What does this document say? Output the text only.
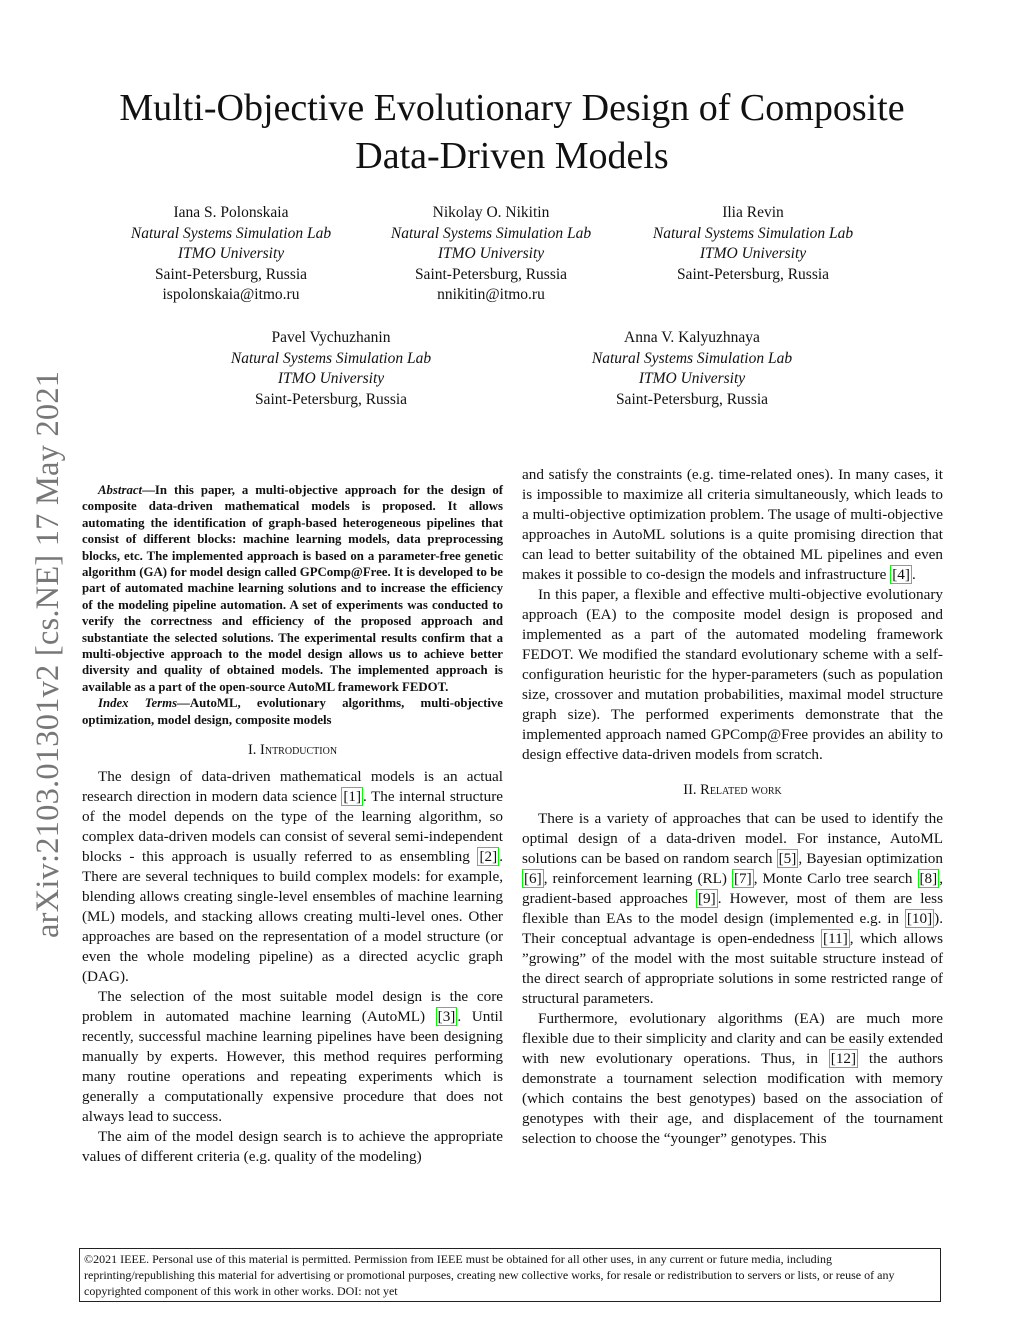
Multi-Objective Evolutionary Design of Composite
Data-Driven Models
Iana S. Polonskaia
Natural Systems Simulation Lab
ITMO University
Saint-Petersburg, Russia
ispolonskaia@itmo.ru
Nikolay O. Nikitin
Natural Systems Simulation Lab
ITMO University
Saint-Petersburg, Russia
nnikitin@itmo.ru
Ilia Revin
Natural Systems Simulation Lab
ITMO University
Saint-Petersburg, Russia
Pavel Vychuzhanin
Natural Systems Simulation Lab
ITMO University
Saint-Petersburg, Russia
Anna V. Kalyuzhnaya
Natural Systems Simulation Lab
ITMO University
Saint-Petersburg, Russia
arXiv:2103.01301v2 [cs.NE] 17 May 2021	Abstract—In this paper, a multi-objective approach for the design of composite data-driven mathematical models is proposed. It allows automating the identification of graph-based heterogeneous pipelines that consist of different blocks: machine learning models, data preprocessing blocks, etc. The implemented approach is based on a parameter-free genetic algorithm (GA) for model design called GPComp@Free. It is developed to be part of automated machine learning solutions and to increase the efficiency of the modeling pipeline automation. A set of experiments was conducted to verify the correctness and efficiency of the proposed approach and substantiate the selected solutions. The experimental results confirm that a multi-objective approach to the model design allows us to achieve better diversity and quality of obtained models. The implemented approach is available as a part of the open-source AutoML framework FEDOT.

Index Terms—AutoML, evolutionary algorithms, multi-objective optimization, model design, composite models

I. Introduction

The design of data-driven mathematical models is an actual research direction in modern data science [1] . The internal structure of the model depends on the type of the learning algorithm, so complex data-driven models can consist of several semi-independent blocks - this approach is usually referred to as ensembling [2] . There are several techniques to build complex models: for example, blending allows creating single-level ensembles of machine learning (ML) models, and stacking allows creating multi-level ones. Other approaches are based on the representation of a model structure (or even the whole modeling pipeline) as a directed acyclic graph (DAG).

The selection of the most suitable model design is the core problem in automated machine learning (AutoML) [3] . Until recently, successful machine learning pipelines have been designing manually by experts. However, this method requires performing many routine operations and repeating experiments which is generally a computationally expensive procedure that does not always lead to success.

The aim of the model design search is to achieve the appropriate values of different criteria (e.g. quality of the modeling)

and satisfy the constraints (e.g. time-related ones). In many cases, it is impossible to maximize all criteria simultaneously, which leads to a multi-objective optimization problem. The usage of multi-objective approaches in AutoML solutions is a quite promising direction that can lead to better suitability of the obtained ML pipelines and even makes it possible to co-design the models and infrastructure [4] .

In this paper, a flexible and effective multi-objective evolutionary approach (EA) to the composite model design is proposed and implemented as a part of the automated modeling framework FEDOT. We modified the standard evolutionary scheme with a self-configuration heuristic for the hyper-parameters (such as population size, crossover and mutation probabilities, maximal model structure graph size). The performed experiments demonstrate that the implemented approach named GPComp@Free provides an ability to design effective data-driven models from scratch.

II. Related work

There is a variety of approaches that can be used to identify the optimal design of a data-driven model. For instance, AutoML solutions can be based on random search [5] , Bayesian optimization [6] , reinforcement learning (RL) [7] , Monte Carlo tree search [8] , gradient-based approaches [9] . However, most of them are less flexible than EAs to the model design (implemented e.g. in [10] ). Their conceptual advantage is open-endedness [11] , which allows ”growing” of the model with the most suitable structure instead of the direct search of appropriate solutions in some restricted range of structural parameters.

Furthermore, evolutionary algorithms (EA) are much more flexible due to their simplicity and clarity and can be easily extended with new evolutionary operations. Thus, in [12] the authors demonstrate a tournament selection modification with memory (which contains the best genotypes) based on the association of genotypes with their age, and displacement of the tournament selection to choose the “younger” genotypes. This

©2021 IEEE. Personal use of this material is permitted. Permission from IEEE must be obtained for all other uses, in any current or future media, including reprinting/republishing this material for advertising or promotional purposes, creating new collective works, for resale or redistribution to servers or lists, or reuse of any copyrighted component of this work in other works. DOI: not yet
